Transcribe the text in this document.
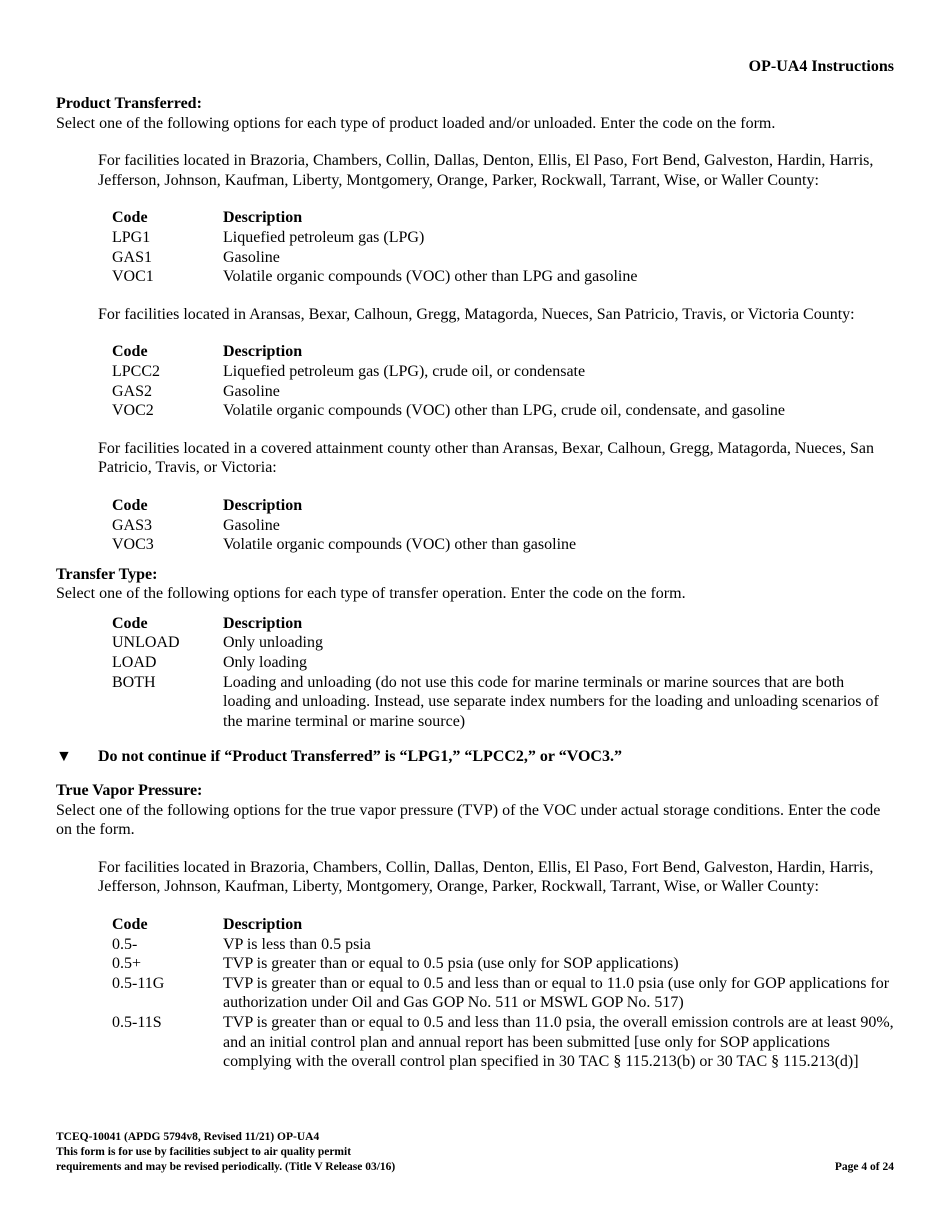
OP-UA4 Instructions

Product Transferred:

Select one of the following options for each type of product loaded and/or unloaded. Enter the code on the form.

For facilities located in Brazoria, Chambers, Collin, Dallas, Denton, Ellis, El Paso, Fort Bend, Galveston, Hardin, Harris, Jefferson, Johnson, Kaufman, Liberty, Montgomery, Orange, Parker, Rockwall, Tarrant, Wise, or Waller County:

Code	Description
LPG1	Liquefied petroleum gas (LPG)
GAS1	Gasoline
VOC1	Volatile organic compounds (VOC) other than LPG and gasoline

For facilities located in Aransas, Bexar, Calhoun, Gregg, Matagorda, Nueces, San Patricio, Travis, or Victoria County:

Code	Description
LPCC2	Liquefied petroleum gas (LPG), crude oil, or condensate
GAS2	Gasoline
VOC2	Volatile organic compounds (VOC) other than LPG, crude oil, condensate, and gasoline

For facilities located in a covered attainment county other than Aransas, Bexar, Calhoun, Gregg, Matagorda, Nueces, San Patricio, Travis, or Victoria:

Code	Description
GAS3	Gasoline
VOC3	Volatile organic compounds (VOC) other than gasoline

Transfer Type:

Select one of the following options for each type of transfer operation. Enter the code on the form.

Code	Description
UNLOAD	Only unloading
LOAD	Only loading
BOTH	Loading and unloading (do not use this code for marine terminals or marine sources that are both loading and unloading. Instead, use separate index numbers for the loading and unloading scenarios of the marine terminal or marine source)
▼	Do not continue if “Product Transferred” is “LPG1,” “LPCC2,” or “VOC3.”

True Vapor Pressure:

Select one of the following options for the true vapor pressure (TVP) of the VOC under actual storage conditions. Enter the code on the form.

For facilities located in Brazoria, Chambers, Collin, Dallas, Denton, Ellis, El Paso, Fort Bend, Galveston, Hardin, Harris, Jefferson, Johnson, Kaufman, Liberty, Montgomery, Orange, Parker, Rockwall, Tarrant, Wise, or Waller County:

Code	Description
0.5-	VP is less than 0.5 psia
0.5+	TVP is greater than or equal to 0.5 psia (use only for SOP applications)
0.5-11G	TVP is greater than or equal to 0.5 and less than or equal to 11.0 psia (use only for GOP applications for authorization under Oil and Gas GOP No. 511 or MSWL GOP No. 517)
0.5-11S	TVP is greater than or equal to 0.5 and less than 11.0 psia, the overall emission controls are at least 90%, and an initial control plan and annual report has been submitted [use only for SOP applications complying with the overall control plan specified in 30 TAC § 115.213(b) or 30 TAC § 115.213(d)]
TCEQ-10041 (APDG 5794v8, Revised 11/21) OP-UA4
This form is for use by facilities subject to air quality permit
requirements and may be revised periodically. (Title V Release 03/16)	Page 4 of 24
